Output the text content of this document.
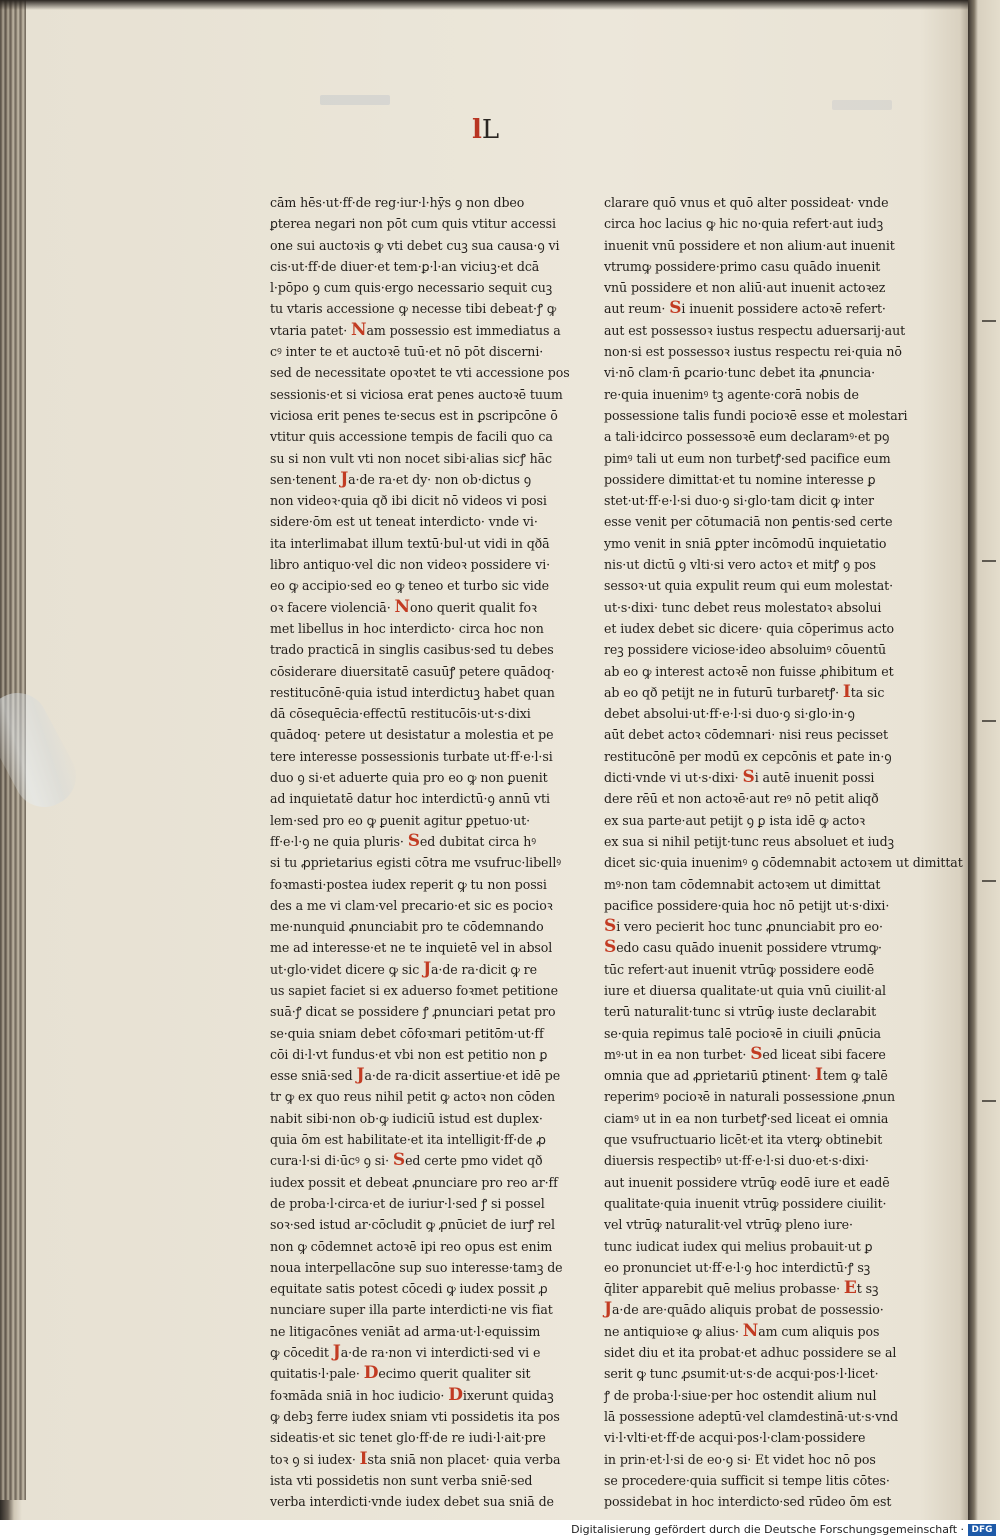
lL
cām hēs·ut·ff·de reg·iur·l·hȳs ꝯ non dbeo
ꝑterea negari non pōt cum quis vtitur accessi
one sui auctoꝛis ꝙ vti debet cuꝫ sua causa·ꝯ vi
cis·ut·ff·de diuer·et tem·ꝑ·l·an viciuꝫ·et dcā
l·pōpo ꝯ cum quis·ergo necessario sequit cuꝫ
tu vtaris accessione ꝙ necesse tibi debeat·ꝭ ꝙ
vtaria patet· Nam possessio est immediatus a
cꝰ inter te et auctoꝛē tuū·et nō pōt discerni·
sed de necessitate opoꝛtet te vti accessione pos
sessionis·et si viciosa erat penes auctoꝛē tuum
viciosa erit penes te·secus est in ꝑscripcōne ō
vtitur quis accessione tempis de facili quo ca
su si non vult vti non nocet sibi·alias sicꝭ hāc
sen·tenent Ja·de ra·et dy· non ob·dictus ꝯ
non videoꝛ·quia qð ibi dicit nō videos vi posi
sidere·ōm est ut teneat interdicto· vnde vi·
ita interlimabat illum textū·bul·ut vidi in qðā
libro antiquo·vel dic non videoꝛ possidere vi·
eo ꝙ accipio·sed eo ꝙ teneo et turbo sic vide
oꝛ facere violenciā· Nono querit qualit foꝛ
met libellus in hoc interdicto· circa hoc non
trado practicā in singlis casibus·sed tu debes
cōsiderare diuersitatē casuūꝭ petere quādoq·
restitucōnē·quia istud interdictuꝫ habet quan
dā cōsequēcia·effectū restitucōis·ut·s·dixi
quādoq· petere ut desistatur a molestia et pe
tere interesse possessionis turbate ut·ff·e·l·si
duo ꝯ si·et aduerte quia pro eo ꝙ non ꝑuenit
ad inquietatē datur hoc interdictū·ꝯ annū vti
lem·sed pro eo ꝙ ꝑuenit agitur ꝑpetuo·ut·
ff·e·l·ꝯ ne quia pluris· Sed dubitat circa hꝰ
si tu ꝓprietarius egisti cōtra me vsufruc·libellꝰ
foꝛmasti·postea iudex reperit ꝙ tu non possi
des a me vi clam·vel precario·et sic es pocioꝛ
me·nunquid ꝓnunciabit pro te cōdemnando
me ad interesse·et ne te inquietē vel in absol
ut·glo·videt dicere ꝙ sic Ja·de ra·dicit ꝙ re
us sapiet faciet si ex aduerso foꝛmet petitione
suā·ꝭ dicat se possidere ꝭ ꝓnunciari petat pro
se·quia sniam debet cōfoꝛmari petitōm·ut·ff
cōi di·l·vt fundus·et vbi non est petitio non ꝑ
esse sniā·sed Ja·de ra·dicit assertiue·et idē pe
tr ꝙ ex quo reus nihil petit ꝙ actoꝛ non cōden
nabit sibi·non ob·ꝙ iudiciū istud est duplex·
quia ōm est habilitate·et ita intelligit·ff·de ꝓ
cura·l·si di·ūcꝰ ꝯ si· Sed certe pmo videt qð
iudex possit et debeat ꝓnunciare pro reo ar·ff
de proba·l·circa·et de iuriur·l·sed ꝭ si possel
soꝛ·sed istud ar·cōcludit ꝙ ꝓnūciet de iurꝭ rel
non ꝙ cōdemnet actoꝛē ipi reo opus est enim
noua interpellacōne sup suo interesse·tamꝫ de
equitate satis potest cōcedi ꝙ iudex possit ꝓ
nunciare super illa parte interdicti·ne vis fiat
ne litigacōnes veniāt ad arma·ut·l·equissim
ꝙ cōcedit Ja·de ra·non vi interdicti·sed vi e
quitatis·l·pale· Decimo querit qualiter sit
foꝛmāda sniā in hoc iudicio· Dixerunt quidaꝫ
ꝙ debꝫ ferre iudex sniam vti possidetis ita pos
sideatis·et sic tenet glo·ff·de re iudi·l·ait·pre
toꝛ ꝯ si iudex· Ista sniā non placet· quia verba
ista vti possidetis non sunt verba sniē·sed
verba interdicti·vnde iudex debet sua sniā de
clarare quō vnus et quō alter possideat· vnde
circa hoc lacius ꝙ hic no·quia refert·aut iudꝫ
inuenit vnū possidere et non alium·aut inuenit
vtrumꝙ possidere·primo casu quādo inuenit
vnū possidere et non aliū·aut inuenit actoꝛez
aut reum· Si inuenit possidere actoꝛē refert·
aut est possessoꝛ iustus respectu aduersarij·aut
non·si est possessoꝛ iustus respectu rei·quia nō
vi·nō clam·n̄ ꝑcario·tunc debet ita ꝓnuncia·
re·quia inuenimꝰ tꝫ agente·corā nobis de
possessione talis fundi pocioꝛē esse et molestari
a tali·idcirco possessoꝛē eum declaramꝰ·et pꝯ
pimꝰ tali ut eum non turbetꝭ·sed pacifice eum
possidere dimittat·et tu nomine interesse ꝑ
stet·ut·ff·e·l·si duo·ꝯ si·glo·tam dicit ꝙ inter
esse venit per cōtumaciā non ꝑentis·sed certe
ymo venit in sniā ꝑpter incōmodū inquietatio
nis·ut dictū ꝯ vlti·si vero actoꝛ et mitꝭ ꝯ pos
sessoꝛ·ut quia expulit reum qui eum molestat·
ut·s·dixi· tunc debet reus molestatoꝛ absolui
et iudex debet sic dicere· quia cōperimus acto
reꝫ possidere viciose·ideo absoluimꝰ cōuentū
ab eo ꝙ interest actoꝛē non fuisse ꝓhibitum et
ab eo qð petijt ne in futurū turbaretꝭ· Ita sic
debet absolui·ut·ff·e·l·si duo·ꝯ si·glo·in·ꝯ
aūt debet actoꝛ cōdemnari· nisi reus pecisset
restitucōnē per modū ex cepcōnis et ꝑate in·ꝯ
dicti·vnde vi ut·s·dixi· Si autē inuenit possi
dere rēū et non actoꝛē·aut reꝰ nō petit aliqð
ex sua parte·aut petijt ꝯ ꝑ ista idē ꝙ actoꝛ
ex sua si nihil petijt·tunc reus absoluet et iudꝫ
dicet sic·quia inuenimꝰ ꝯ cōdemnabit actoꝛem ut dimittat
mꝰ·non tam cōdemnabit actoꝛem ut dimittat
pacifice possidere·quia hoc nō petijt ut·s·dixi·
Si vero pecierit hoc tunc ꝓnunciabit pro eo·
Sedo casu quādo inuenit possidere vtrumꝙ·
tūc refert·aut inuenit vtrūꝙ possidere eodē
iure et diuersa qualitate·ut quia vnū ciuilit·al
terū naturalit·tunc si vtrūꝙ iuste declarabit
se·quia reꝑimus talē pocioꝛē in ciuili ꝓnūcia
mꝰ·ut in ea non turbet· Sed liceat sibi facere
omnia que ad ꝓprietariū ꝑtinent· Item ꝙ talē
reperimꝰ pocioꝛē in naturali possessione ꝓnun
ciamꝰ ut in ea non turbetꝭ·sed liceat ei omnia
que vsufructuario licēt·et ita vterꝙ obtinebit
diuersis respectibꝰ ut·ff·e·l·si duo·et·s·dixi·
aut inuenit possidere vtrūꝙ eodē iure et eadē
qualitate·quia inuenit vtrūꝙ possidere ciuilit·
vel vtrūꝙ naturalit·vel vtrūꝙ pleno iure·
tunc iudicat iudex qui melius probauit·ut ꝑ
eo pronunciet ut·ff·e·l·ꝯ hoc interdictū·ꝭ sꝫ
q̄liter apparebit quē melius probasse· Et sꝫ
Ja·de are·quādo aliquis probat de possessio·
ne antiquioꝛe ꝙ alius· Nam cum aliquis pos
sidet diu et ita probat·et adhuc possidere se al
serit ꝙ tunc ꝓsumit·ut·s·de acqui·pos·l·licet·
ꝭ de proba·l·siue·per hoc ostendit alium nul
lā possessione adeptū·vel clamdestinā·ut·s·vnd
vi·l·vlti·et·ff·de acqui·pos·l·clam·possidere
in prin·et·l·si de eo·ꝯ si· Et videt hoc nō pos
se procedere·quia sufficit si tempe litis cōtes·
possidebat in hoc interdicto·sed rūdeo ōm est
Digitalisierung gefördert durch die Deutsche Forschungsgemeinschaft · DFG
